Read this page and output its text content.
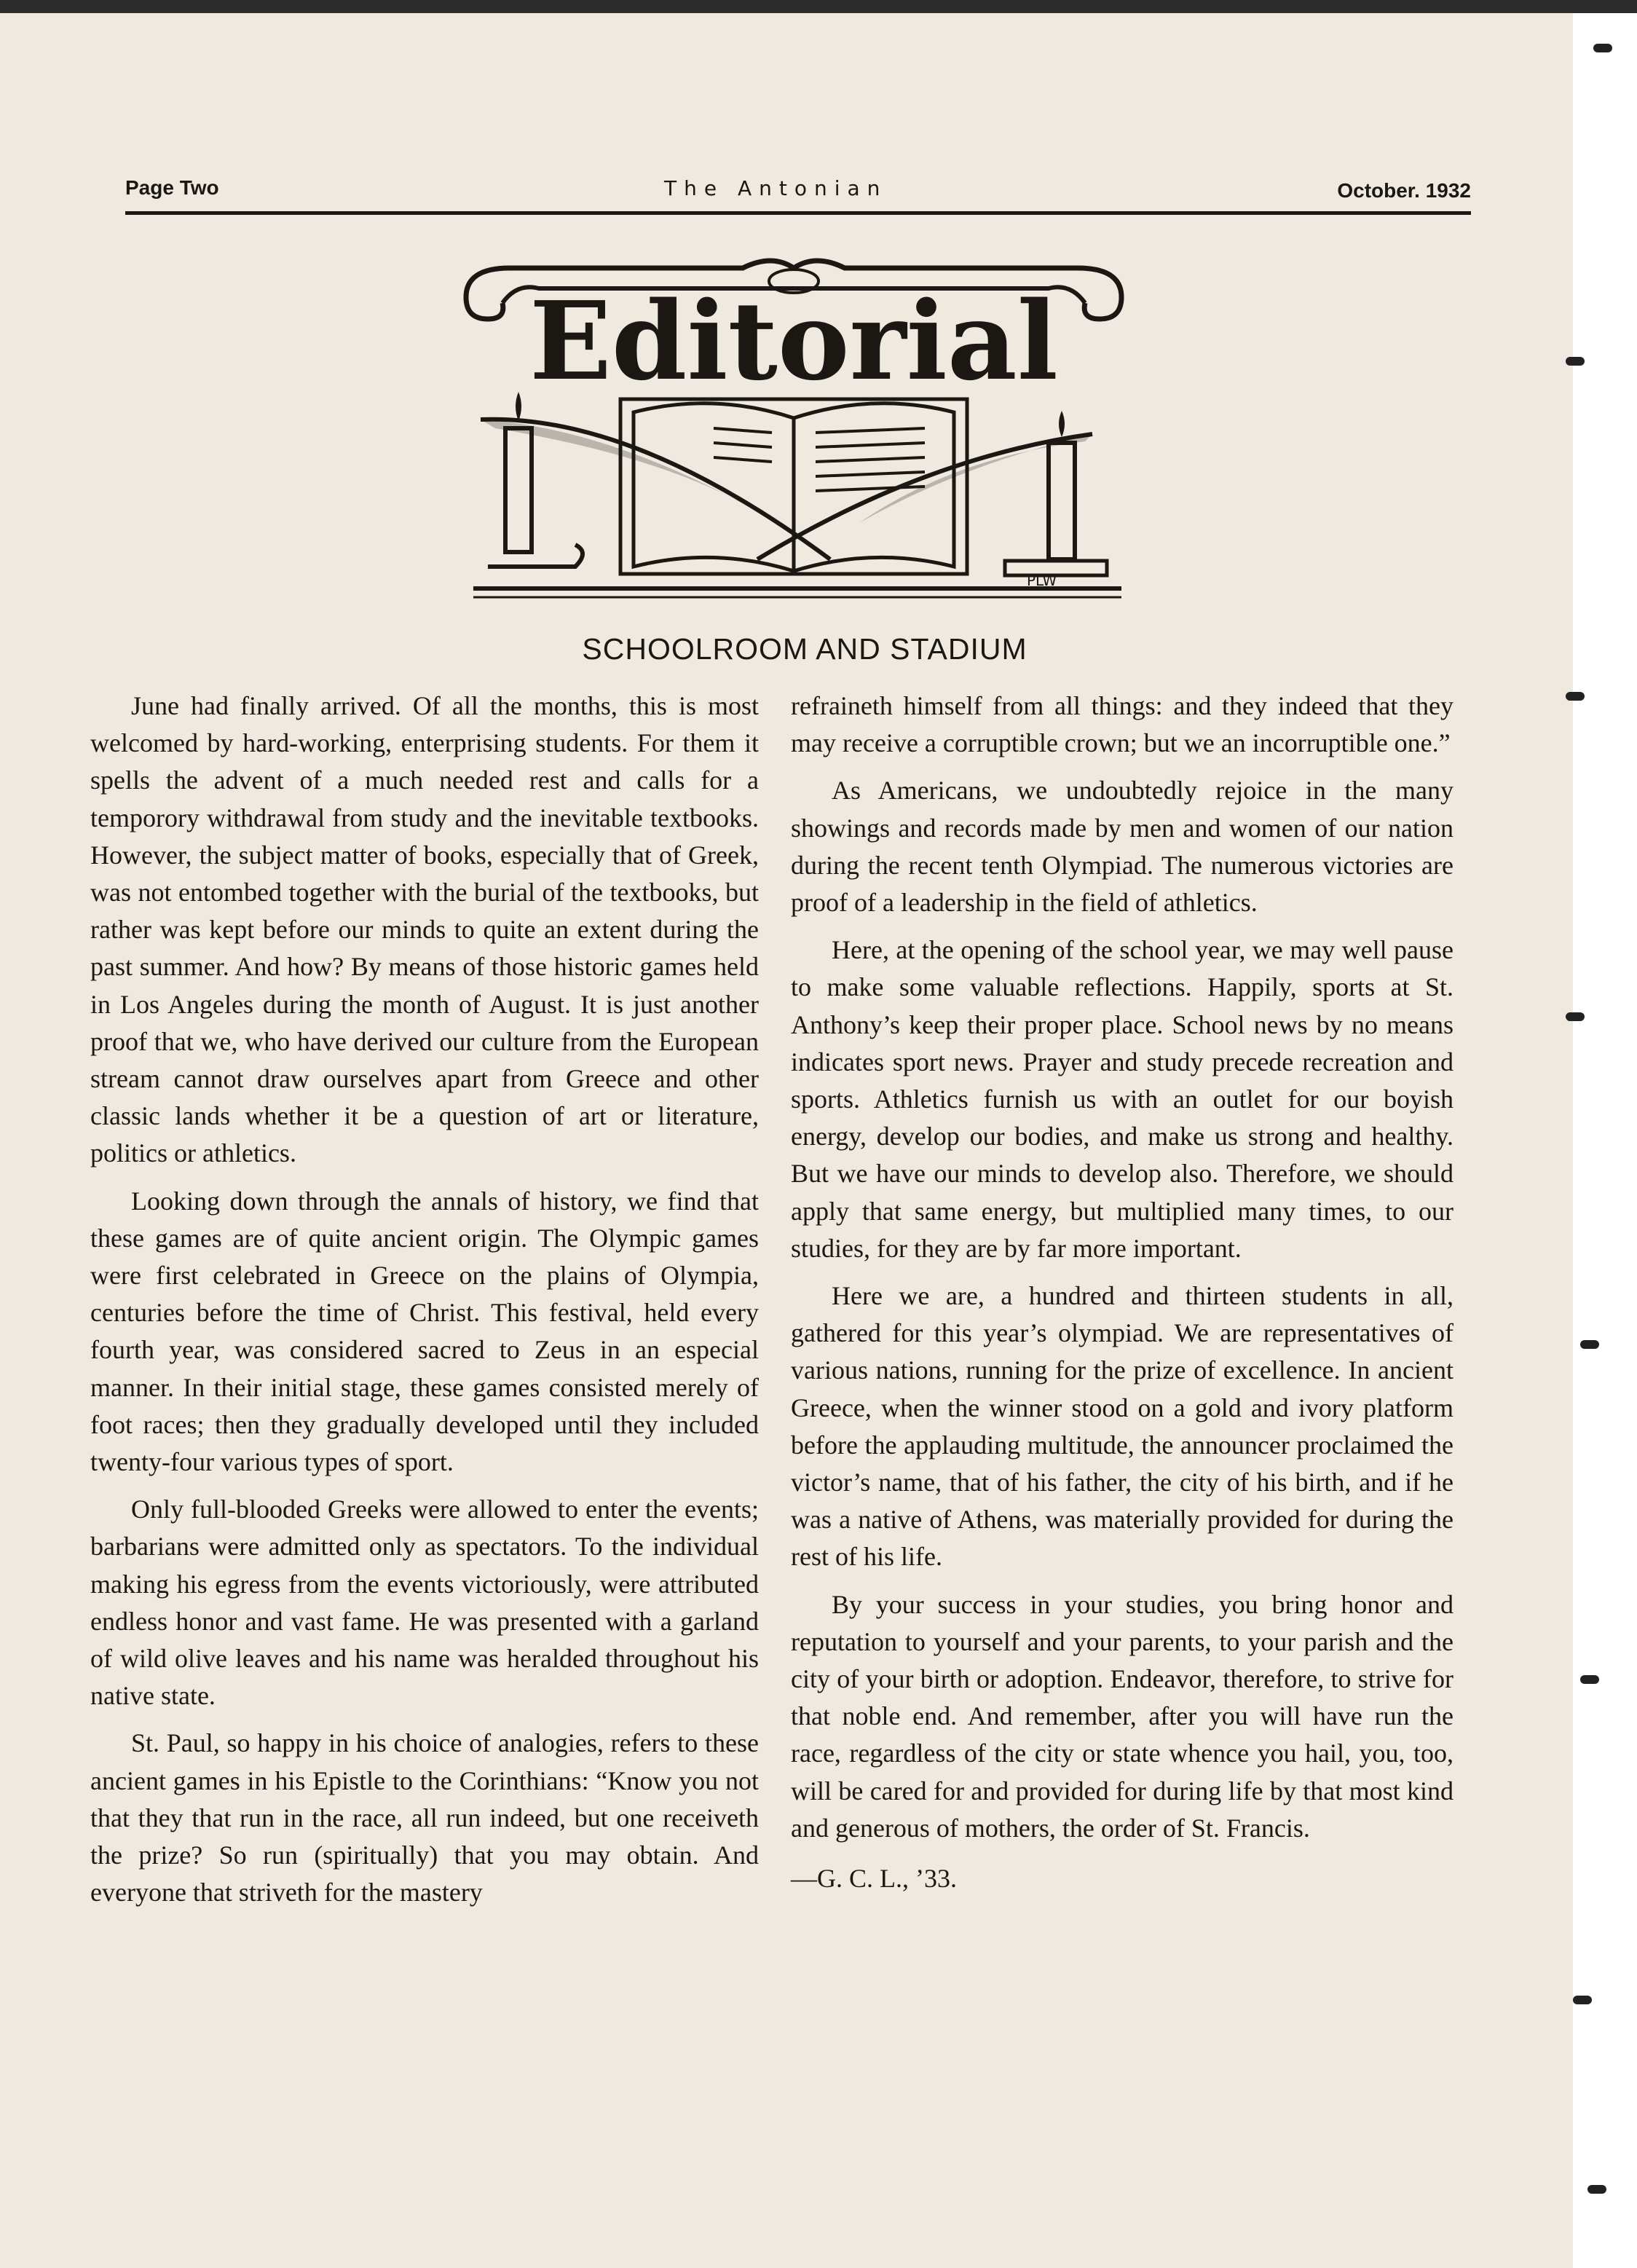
Page Two	The Antonian	October. 1932
Editorial
PLW
SCHOOLROOM AND STADIUM

June had finally arrived. Of all the months, this is most welcomed by hard-working, enterprising students. For them it spells the advent of a much needed rest and calls for a temporory withdrawal from study and the inevitable textbooks. However, the subject matter of books, especially that of Greek, was not entombed together with the burial of the textbooks, but rather was kept before our minds to quite an extent during the past summer. And how? By means of those historic games held in Los Angeles during the month of August. It is just another proof that we, who have derived our culture from the European stream cannot draw ourselves apart from Greece and other classic lands whether it be a question of art or literature, politics or athletics.

Looking down through the annals of history, we find that these games are of quite ancient origin. The Olympic games were first celebrated in Greece on the plains of Olympia, centuries before the time of Christ. This festival, held every fourth year, was considered sacred to Zeus in an especial manner. In their initial stage, these games consisted merely of foot races; then they gradually developed until they included twenty-four various types of sport.

Only full-blooded Greeks were allowed to enter the events; barbarians were admitted only as spectators. To the individual making his egress from the events victoriously, were attributed endless honor and vast fame. He was presented with a garland of wild olive leaves and his name was heralded throughout his native state.

St. Paul, so happy in his choice of analogies, refers to these ancient games in his Epistle to the Corinthians: “Know you not that they that run in the race, all run indeed, but one receiveth the prize? So run (spiritually) that you may obtain. And everyone that striveth for the mastery

refraineth himself from all things: and they indeed that they may receive a corruptible crown; but we an incorruptible one.”

As Americans, we undoubtedly rejoice in the many showings and records made by men and women of our nation during the recent tenth Olympiad. The numerous victories are proof of a leadership in the field of athletics.

Here, at the opening of the school year, we may well pause to make some valuable reflections. Happily, sports at St. Anthony’s keep their proper place. School news by no means indicates sport news. Prayer and study precede recreation and sports. Athletics furnish us with an outlet for our boyish energy, develop our bodies, and make us strong and healthy. But we have our minds to develop also. Therefore, we should apply that same energy, but multiplied many times, to our studies, for they are by far more important.

Here we are, a hundred and thirteen students in all, gathered for this year’s olympiad. We are representatives of various nations, running for the prize of excellence. In ancient Greece, when the winner stood on a gold and ivory platform before the applauding multitude, the announcer proclaimed the victor’s name, that of his father, the city of his birth, and if he was a native of Athens, was materially provided for during the rest of his life.

By your success in your studies, you bring honor and reputation to yourself and your parents, to your parish and the city of your birth or adoption. Endeavor, therefore, to strive for that noble end. And remember, after you will have run the race, regardless of the city or state whence you hail, you, too, will be cared for and provided for during life by that most kind and generous of mothers, the order of St. Francis.

—G. C. L., ’33.
